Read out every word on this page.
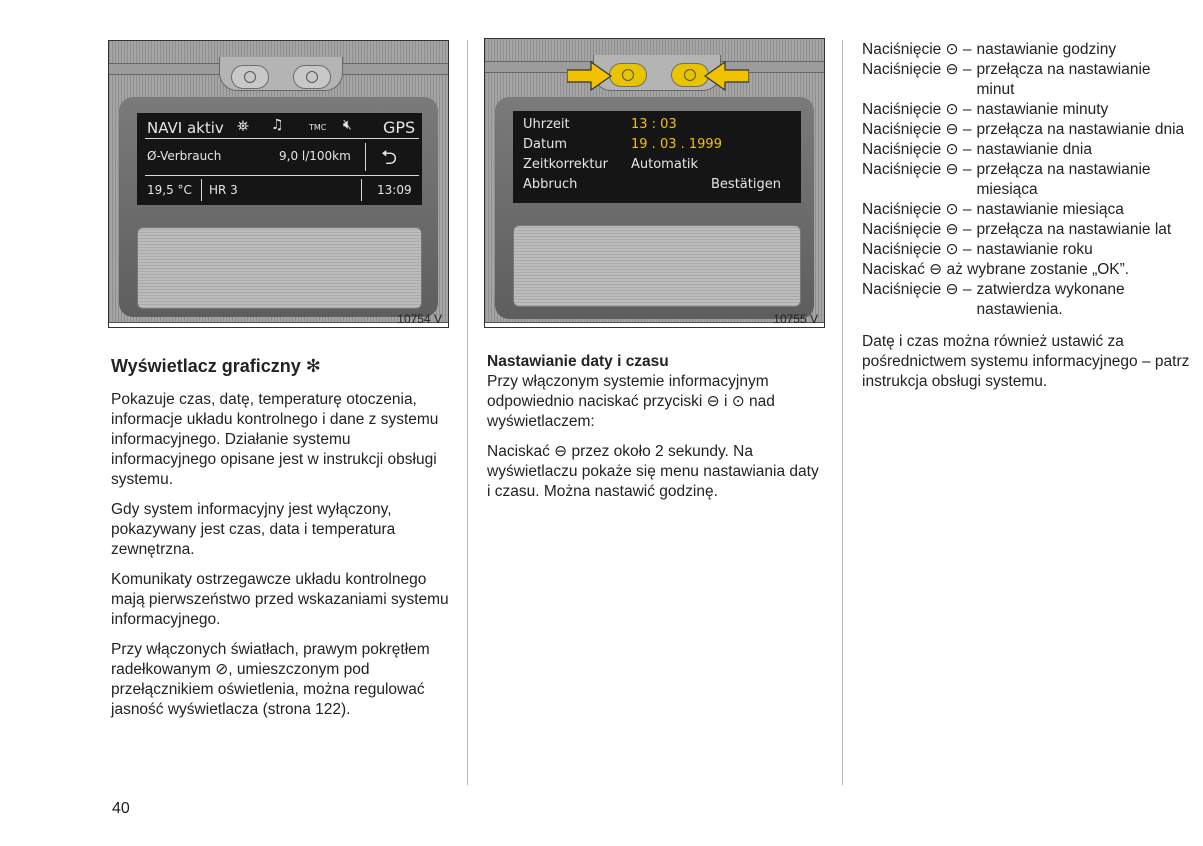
NAVI aktiv ⛯ ♫	TMC 🔇︎ GPS
Ø-Verbrauch	9,0 l/100km ⮌
19,5 °C HR 3	13:09
10754 V
Uhrzeit	13 : 03
Datum	19 . 03 . 1999
Zeitkorrektur Automatik
Abbruch	Bestätigen
10755 V
Wyświetlacz graficzny ✻

Pokazuje czas, datę, temperaturę otoczenia, informacje układu kontrolnego i dane z systemu informacyjnego. Działanie systemu informacyjnego opisane jest w instrukcji obsługi systemu.

Gdy system informacyjny jest wyłączony, pokazywany jest czas, data i temperatura zewnętrzna.

Komunikaty ostrzegawcze układu kontrolnego mają pierwszeństwo przed wskazaniami systemu informacyjnego.

Przy włączonych światłach, prawym pokrętłem radełkowanym ⊘, umieszczonym pod przełącznikiem oświetlenia, można regulować jasność wyświetlacza (strona 122).

Nastawianie daty i czasu

Przy włączonym systemie informacyjnym odpowiednio naciskać przyciski ⊖ i ⊙ nad wyświetlaczem:

Naciskać ⊖ przez około 2 sekundy. Na wyświetlaczu pokaże się menu nastawiania daty i czasu. Można nastawić godzinę.

Naciśnięcie ⊙ – nastawianie godziny
Naciśnięcie ⊖ – przełącza na nastawianie minut
Naciśnięcie ⊙ – nastawianie minuty
Naciśnięcie ⊖ – przełącza na nastawianie dnia
Naciśnięcie ⊙ – nastawianie dnia
Naciśnięcie ⊖ – przełącza na nastawianie miesiąca
Naciśnięcie ⊙ – nastawianie miesiąca
Naciśnięcie ⊖ – przełącza na nastawianie lat
Naciśnięcie ⊙ – nastawianie roku
Naciskać ⊖ aż wybrane zostanie „OK”.
Naciśnięcie ⊖ – zatwierdza wykonane nastawienia.

Datę i czas można również ustawić za pośrednictwem systemu informacyjnego – patrz instrukcja obsługi systemu.

40
